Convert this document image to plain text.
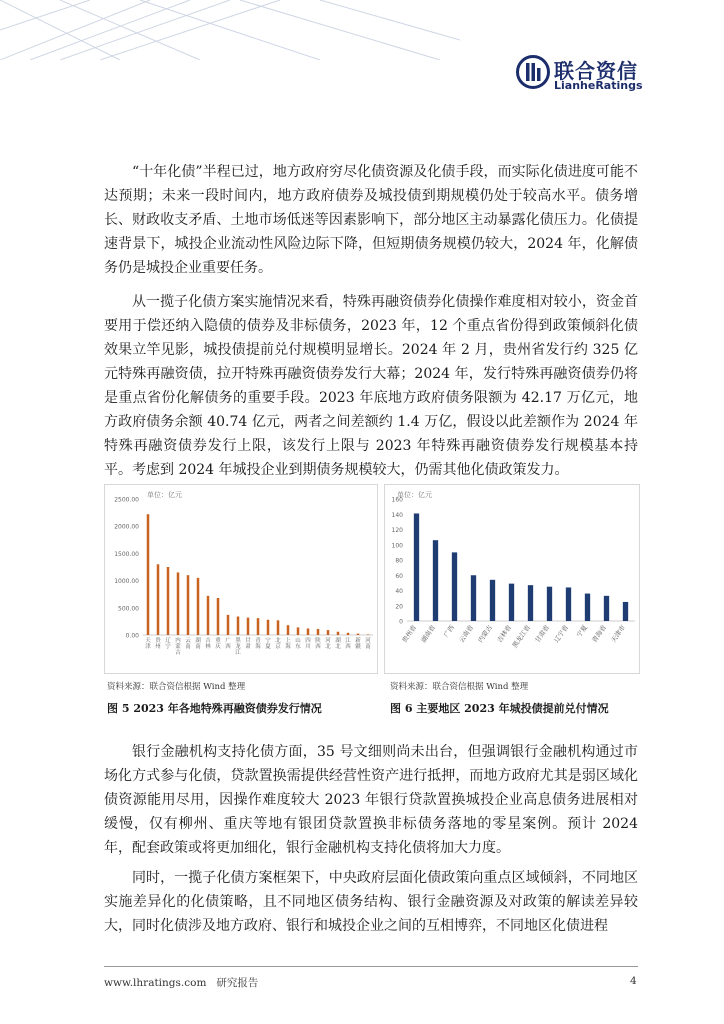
联合资信
LianheRatings

“十年化债”半程已过，地方政府穷尽化债资源及化债手段，而实际化债进度可能不达预期；未来一段时间内，地方政府债券及城投债到期规模仍处于较高水平。债务增长、财政收支矛盾、土地市场低迷等因素影响下，部分地区主动暴露化债压力。化债提速背景下，城投企业流动性风险边际下降，但短期债务规模仍较大，2024 年，化解债务仍是城投企业重要任务。

从一揽子化债方案实施情况来看，特殊再融资债券化债操作难度相对较小，资金首要用于偿还纳入隐债的债券及非标债务，2023 年，12 个重点省份得到政策倾斜化债效果立竿见影，城投债提前兑付规模明显增长。2024 年 2 月，贵州省发行约 325 亿元特殊再融资债，拉开特殊再融资债券发行大幕；2024 年，发行特殊再融资债券仍将是重点省份化解债务的重要手段。2023 年底地方政府债务限额为 42.17 万亿元，地方政府债务余额 40.74 亿元，两者之间差额约 1.4 万亿，假设以此差额作为 2024 年特殊再融资债券发行上限，该发行上限与 2023 年特殊再融资债券发行规模基本持平。考虑到 2024 年城投企业到期债务规模较大，仍需其他化债政策发力。

单位：亿元
2500.00
2000.00
1500.00
1000.00
500.00
0.00
天津
贵州
辽宁
内蒙古
云南
湖南
吉林
重庆
广西
黑龙江
甘肃
青海
宁夏
北京
上海
山东
四川
陕西
河北
湖北
江西
新疆
河南
单位：亿元
160
140
120
100
80
60
40
20
0
贵州省 湖南省 广西 云南省 内蒙古 吉林省
黑龙江省 甘肃省 辽宁省 宁夏 青海省 天津市
资料来源：联合资信根据 Wind 整理	资料来源：联合资信根据 Wind 整理
图 5 2023 年各地特殊再融资债券发行情况	图 6 主要地区 2023 年城投债提前兑付情况

银行金融机构支持化债方面，35 号文细则尚未出台，但强调银行金融机构通过市场化方式参与化债，贷款置换需提供经营性资产进行抵押，而地方政府尤其是弱区域化债资源能用尽用，因操作难度较大 2023 年银行贷款置换城投企业高息债务进展相对缓慢，仅有柳州、重庆等地有银团贷款置换非标债务落地的零星案例。预计 2024 年，配套政策或将更加细化，银行金融机构支持化债将加大力度。

同时，一揽子化债方案框架下，中央政府层面化债政策向重点区域倾斜，不同地区实施差异化的化债策略，且不同地区债务结构、银行金融资源及对政策的解读差异较大，同时化债涉及地方政府、银行和城投企业之间的互相博弈，不同地区化债进程

www.lhratings.com 研究报告	4
